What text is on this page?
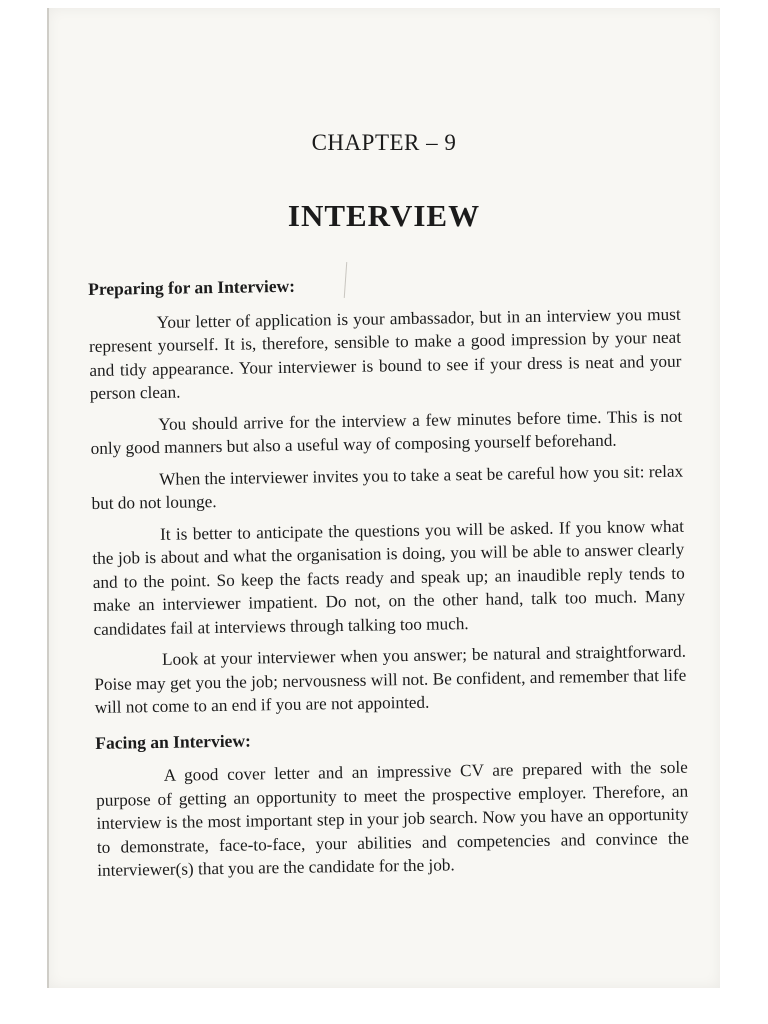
CHAPTER – 9
INTERVIEW

Preparing for an Interview:

Your letter of application is your ambassador, but in an interview you must represent yourself. It is, therefore, sensible to make a good impression by your neat and tidy appearance. Your interviewer is bound to see if your dress is neat and your person clean.

You should arrive for the interview a few minutes before time. This is not only good manners but also a useful way of composing yourself beforehand.

When the interviewer invites you to take a seat be careful how you sit: relax but do not lounge.

It is better to anticipate the questions you will be asked. If you know what the job is about and what the organisation is doing, you will be able to answer clearly and to the point. So keep the facts ready and speak up; an inaudible reply tends to make an interviewer impatient. Do not, on the other hand, talk too much. Many candidates fail at interviews through talking too much.

Look at your interviewer when you answer; be natural and straightforward. Poise may get you the job; nervousness will not. Be confident, and remember that life will not come to an end if you are not appointed.

Facing an Interview:

A good cover letter and an impressive CV are prepared with the sole purpose of getting an opportunity to meet the prospective employer. Therefore, an interview is the most important step in your job search. Now you have an opportunity to demonstrate, face-to-face, your abilities and competencies and convince the interviewer(s) that you are the candidate for the job.
